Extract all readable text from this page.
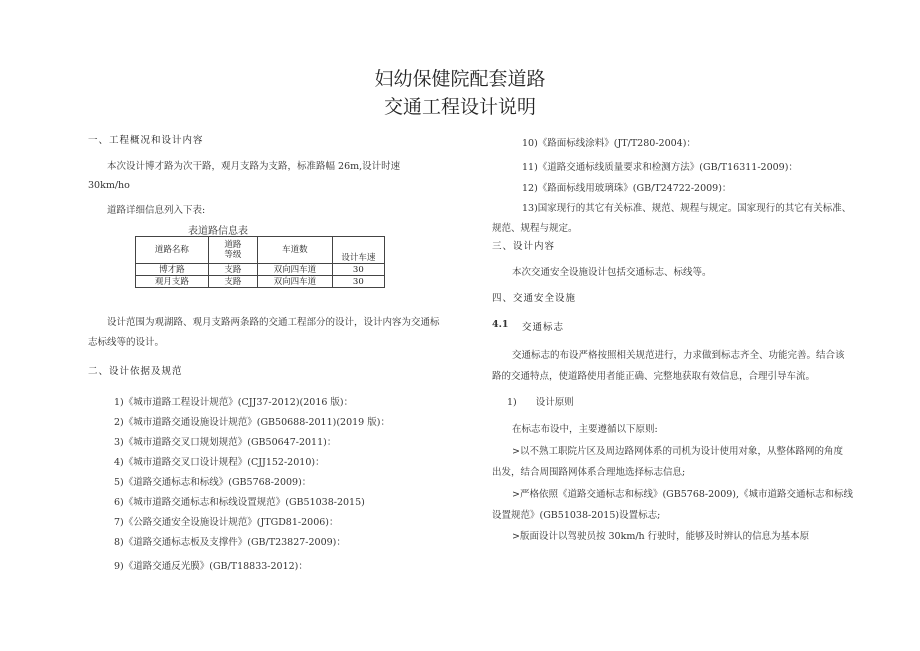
妇幼保健院配套道路
交通工程设计说明
一、工程概况和设计内容
本次设计博才路为次干路，观月支路为支路，标准路幅 26m,设计时速
30km/ho
道路详细信息列入下表:
表道路信息表
道路名称	道路等级	车道数	设计车速
博才路	支路	双向四车道	30
观月支路	支路	双向四车道	30
设计范围为观湖路、观月支路两条路的交通工程部分的设计，设计内容为交通标
志标线等的设计。
二、设计依据及规范
1)《城市道路工程设计规范》(CJJ37-2012)(2016 版)：
2)《城市道路交通设施设计规范》(GB50688-2011)(2019 版)：
3)《城市道路交叉口规划规范》(GB50647-2011)：
4)《城市道路交叉口设计规程》(CJJ152-2010)：
5)《道路交通标志和标线》(GB5768-2009)：
6)《城市道路交通标志和标线设置规范》(GB51038-2015)
7)《公路交通安全设施设计规范》(JTGD81-2006)：
8)《道路交通标志板及支撑件》(GB/T23827-2009)：
9)《道路交通反光膜》(GB/T18833-2012)：
10)《路面标线涂料》(JT/T280-2004)：
11)《道路交通标线质量要求和检测方法》(GB/T16311-2009)：
12)《路面标线用玻璃珠》(GB/T24722-2009)：
13)国家现行的其它有关标准、规范、规程与规定。国家现行的其它有关标准、
规范、规程与规定。
三、设计内容
本次交通安全设施设计包括交通标志、标线等。
四、交通安全设施
4.1 交通标志
交通标志的布设严格按照相关规范进行，力求做到标志齐全、功能完善。结合该
路的交通特点，使道路使用者能正确、完整地获取有效信息，合理引导车流。
1)　　设计原则
在标志布设中，主要遵循以下原则:
>以不熟工职院片区及周边路网体系的司机为设计使用对象，从整体路网的角度
出发，结合周围路网体系合理地选择标志信息;
>严格依照《道路交通标志和标线》(GB5768-2009),《城市道路交通标志和标线
设置规范》(GB51038-2015)设置标志;
>版面设计以驾驶员按 30km/h 行驶时，能够及时辨认的信息为基本原
